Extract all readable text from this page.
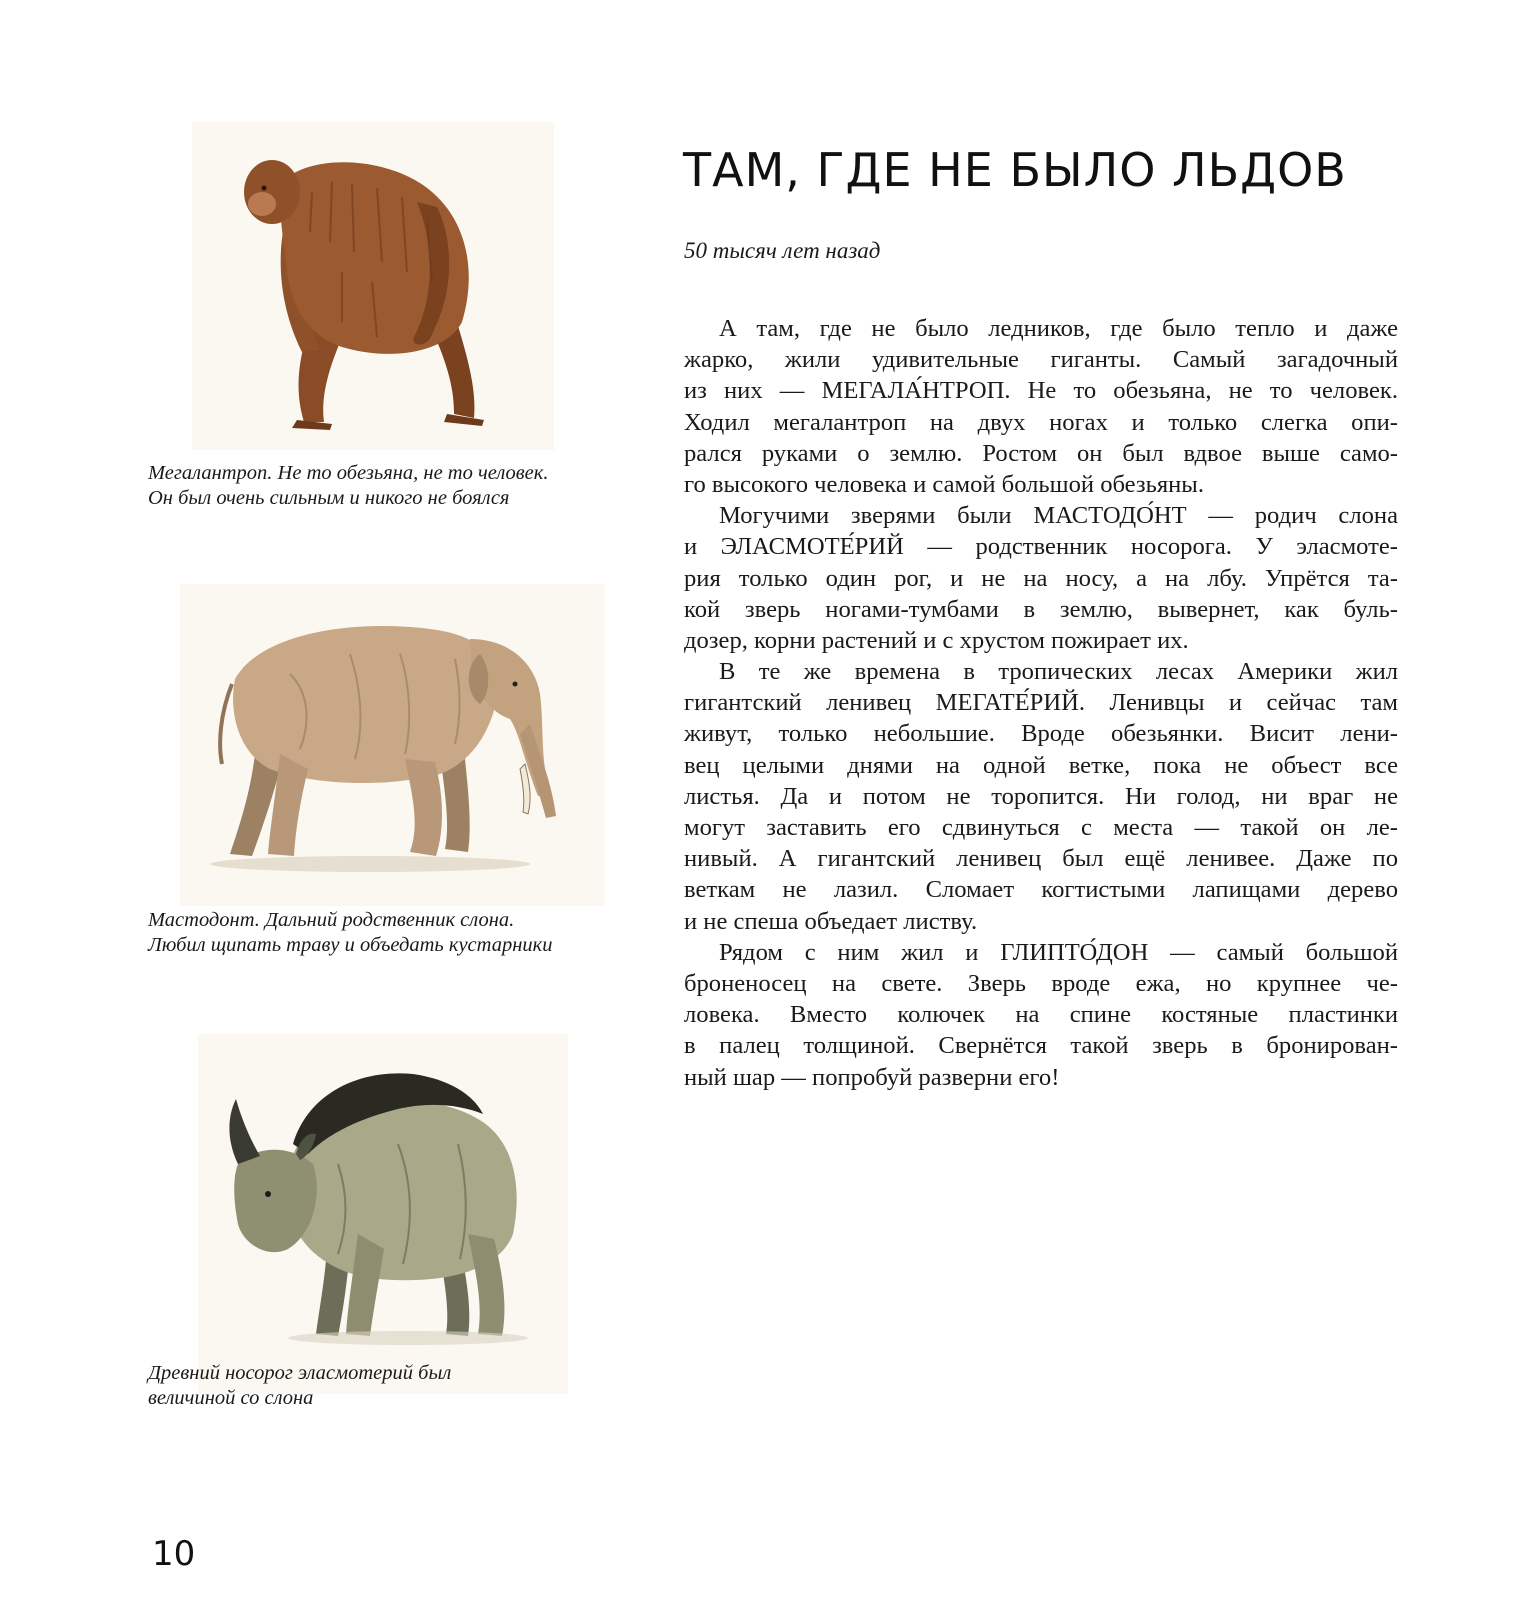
Мегалантроп. Не то обезьяна, не то человек.
Он был очень сильным и никого не боялся
Мастодонт. Дальний родственник слона.
Любил щипать траву и объедать кустарники
Древний носорог эласмотерий был
величиной со слона
ТАМ, ГДЕ НЕ БЫЛО ЛЬДОВ
50 тысяч лет назад
А там, где не было ледников, где было тепло и даже
жарко, жили удивительные гиганты. Самый загадочный
из них — МЕГАЛА́НТРОП. Не то обезьяна, не то человек.
Ходил мегалантроп на двух ногах и только слегка опи-
рался руками о землю. Ростом он был вдвое выше само-
го высокого человека и самой большой обезьяны.
Могучими зверями были МАСТОДО́НТ — родич слона
и ЭЛАСМОТЕ́РИЙ — родственник носорога. У эласмоте-
рия только один рог, и не на носу, а на лбу. Упрётся та-
кой зверь ногами-тумбами в землю, вывернет, как буль-
дозер, корни растений и с хрустом пожирает их.
В те же времена в тропических лесах Америки жил
гигантский ленивец МЕГАТЕ́РИЙ. Ленивцы и сейчас там
живут, только небольшие. Вроде обезьянки. Висит лени-
вец целыми днями на одной ветке, пока не объест все
листья. Да и потом не торопится. Ни голод, ни враг не
могут заставить его сдвинуться с места — такой он ле-
нивый. А гигантский ленивец был ещё ленивее. Даже по
веткам не лазил. Сломает когтистыми лапищами дерево
и не спеша объедает листву.
Рядом с ним жил и ГЛИПТО́ДОН — самый большой
броненосец на свете. Зверь вроде ежа, но крупнее че-
ловека. Вместо колючек на спине костяные пластинки
в палец толщиной. Свернётся такой зверь в бронирован-
ный шар — попробуй разверни его!
10
